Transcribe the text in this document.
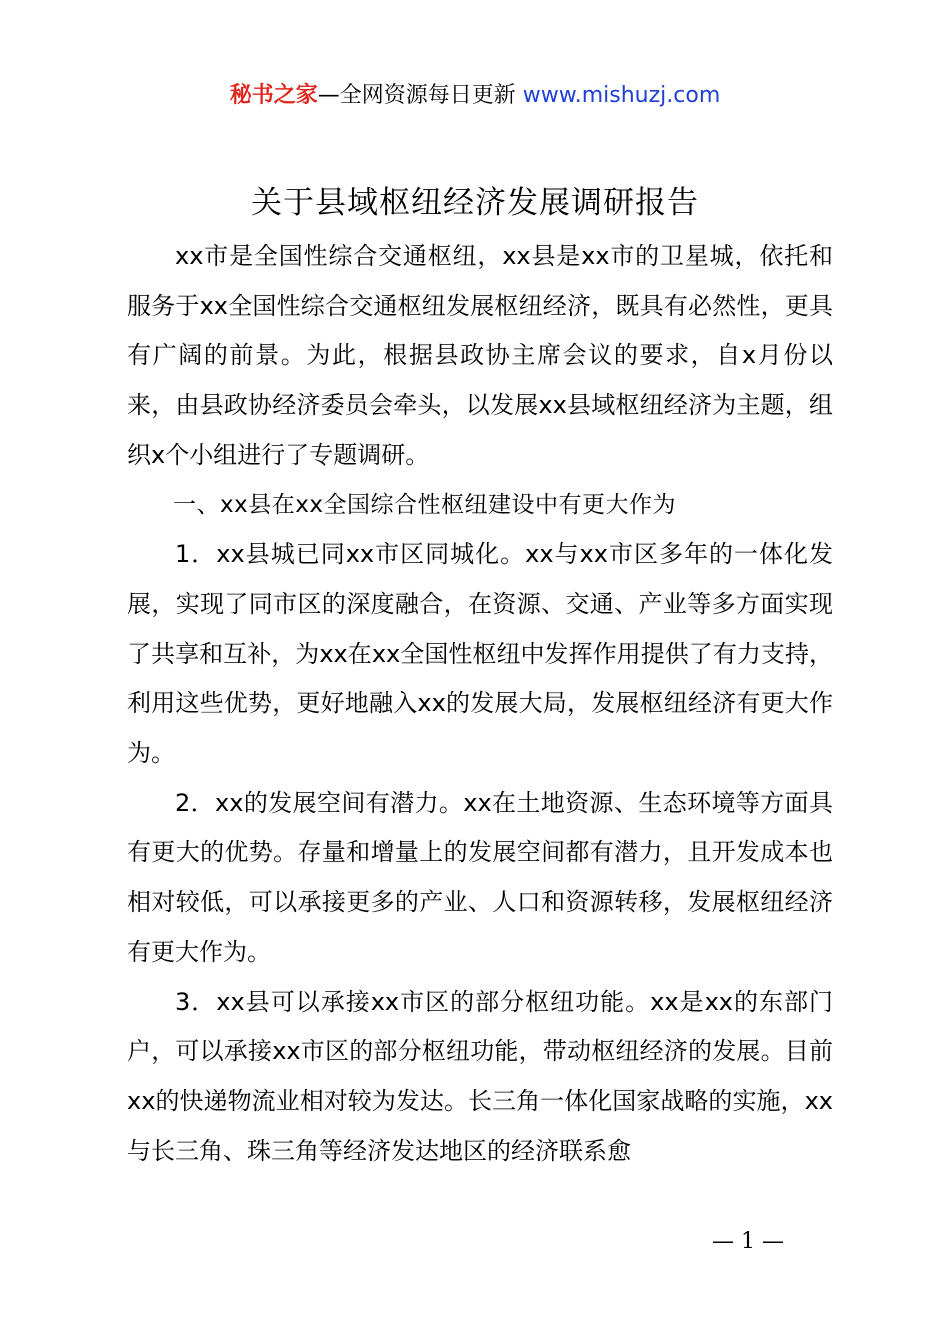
秘书之家—全网资源每日更新 www.mishuzj.com
关于县域枢纽经济发展调研报告

xx市是全国性综合交通枢纽，xx县是xx市的卫星城，依托和服务于xx全国性综合交通枢纽发展枢纽经济，既具有必然性，更具有广阔的前景。为此，根据县政协主席会议的要求，自x月份以来，由县政协经济委员会牵头，以发展xx县域枢纽经济为主题，组织x个小组进行了专题调研。

一、xx县在xx全国综合性枢纽建设中有更大作为

1．xx县城已同xx市区同城化。xx与xx市区多年的一体化发展，实现了同市区的深度融合，在资源、交通、产业等多方面实现了共享和互补，为xx在xx全国性枢纽中发挥作用提供了有力支持，利用这些优势，更好地融入xx的发展大局，发展枢纽经济有更大作为。

2．xx的发展空间有潜力。xx在土地资源、生态环境等方面具有更大的优势。存量和增量上的发展空间都有潜力，且开发成本也相对较低，可以承接更多的产业、人口和资源转移，发展枢纽经济有更大作为。

3．xx县可以承接xx市区的部分枢纽功能。xx是xx的东部门户，可以承接xx市区的部分枢纽功能，带动枢纽经济的发展。目前xx的快递物流业相对较为发达。长三角一体化国家战略的实施，xx与长三角、珠三角等经济发达地区的经济联系愈

— 1 —
